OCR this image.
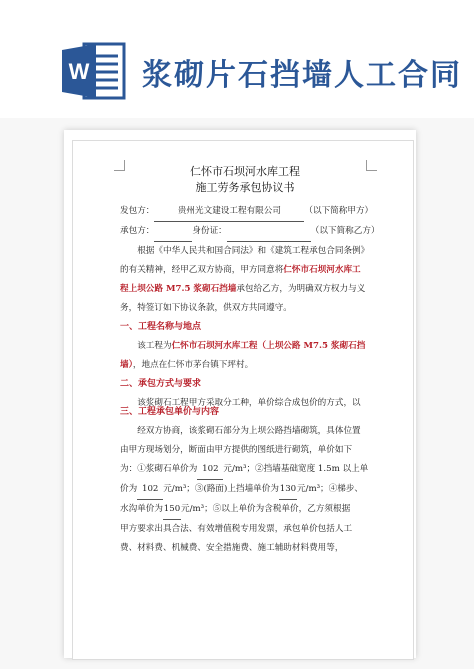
W 浆砌片石挡墙人工合同
仁怀市石坝河水库工程
施工劳务承包协议书
发包方：	贵州光文建设工程有限公司	（以下简称甲方）
承包方：	身份证：	（以下简称乙方）
根据《中华人民共和国合同法》和《建筑工程承包合同条例》
的有关精神，经甲乙双方协商，甲方同意将仁怀市石坝河水库工
程上坝公路 M7.5 浆砌石挡墙承包给乙方，为明确双方权力与义
务，特签订如下协议条款，供双方共同遵守。
一、工程名称与地点
该工程为仁怀市石坝河水库工程（上坝公路 M7.5 浆砌石挡
墙），地点在仁怀市茅台镇下坪村。
二、承包方式与要求
该浆砌石工程甲方采取分工种，单价综合成包价的方式，以
三、工程承包单价与内容
经双方协商，该浆砌石部分为上坝公路挡墙砌筑，具体位置
由甲方现场划分，断面由甲方提供的图纸进行砌筑，单价如下
为：①浆砌石单价为 102 元/m³；②挡墙基础宽度 1.5m 以上单
价为 102 元/m³；③(路面)上挡墙单价为130元/m³；④梯步、
水沟单价为150元/m³；⑤以上单价为含税单价，乙方须根据
甲方要求出具合法、有效增值税专用发票，承包单价包括人工
费、材料费、机械费、安全措施费、施工辅助材料费用等，
